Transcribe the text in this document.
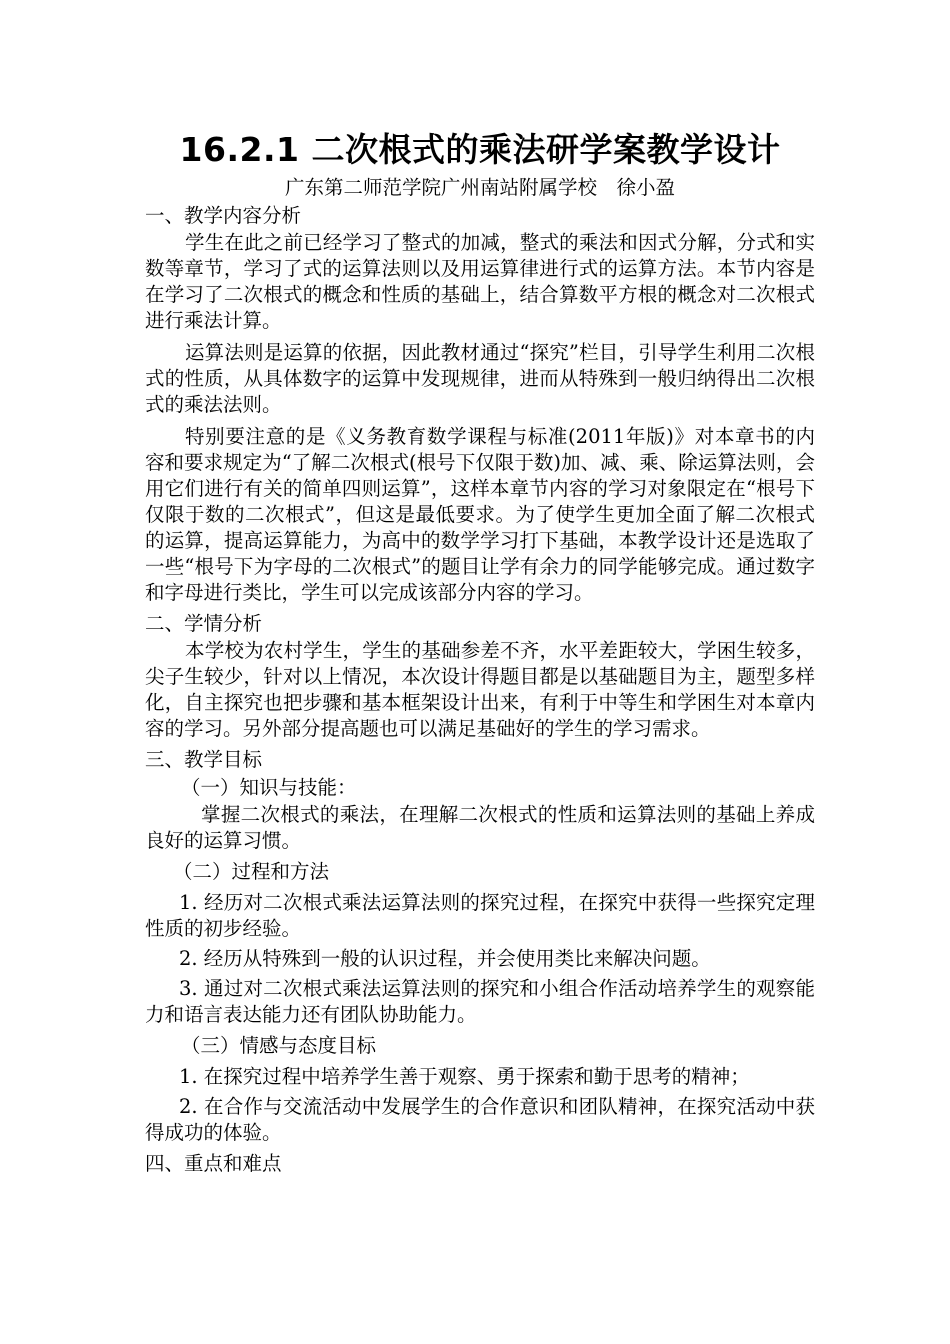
16.2.1 二次根式的乘法研学案教学设计
广东第二师范学院广州南站附属学校　徐小盈
一、教学内容分析

学生在此之前已经学习了整式的加减，整式的乘法和因式分解，分式和实数等章节，学习了式的运算法则以及用运算律进行式的运算方法。本节内容是在学习了二次根式的概念和性质的基础上，结合算数平方根的概念对二次根式进行乘法计算。

运算法则是运算的依据，因此教材通过“探究”栏目，引导学生利用二次根式的性质，从具体数字的运算中发现规律，进而从特殊到一般归纳得出二次根式的乘法法则。

特别要注意的是《义务教育数学课程与标准(2011年版)》对本章书的内容和要求规定为“了解二次根式(根号下仅限于数)加、减、乘、除运算法则，会用它们进行有关的简单四则运算”，这样本章节内容的学习对象限定在“根号下仅限于数的二次根式”，但这是最低要求。为了使学生更加全面了解二次根式的运算，提高运算能力，为高中的数学学习打下基础，本教学设计还是选取了一些“根号下为字母的二次根式”的题目让学有余力的同学能够完成。通过数字和字母进行类比，学生可以完成该部分内容的学习。

二、学情分析

本学校为农村学生，学生的基础参差不齐，水平差距较大，学困生较多，尖子生较少，针对以上情况，本次设计得题目都是以基础题目为主，题型多样化，自主探究也把步骤和基本框架设计出来，有利于中等生和学困生对本章内容的学习。另外部分提高题也可以满足基础好的学生的学习需求。

三、教学目标
（一）知识与技能：

掌握二次根式的乘法，在理解二次根式的性质和运算法则的基础上养成良好的运算习惯。

（二）过程和方法

1. 经历对二次根式乘法运算法则的探究过程，在探究中获得一些探究定理性质的初步经验。

2. 经历从特殊到一般的认识过程，并会使用类比来解决问题。

3. 通过对二次根式乘法运算法则的探究和小组合作活动培养学生的观察能力和语言表达能力还有团队协助能力。

（三）情感与态度目标

1. 在探究过程中培养学生善于观察、勇于探索和勤于思考的精神；

2. 在合作与交流活动中发展学生的合作意识和团队精神，在探究活动中获得成功的体验。

四、重点和难点
